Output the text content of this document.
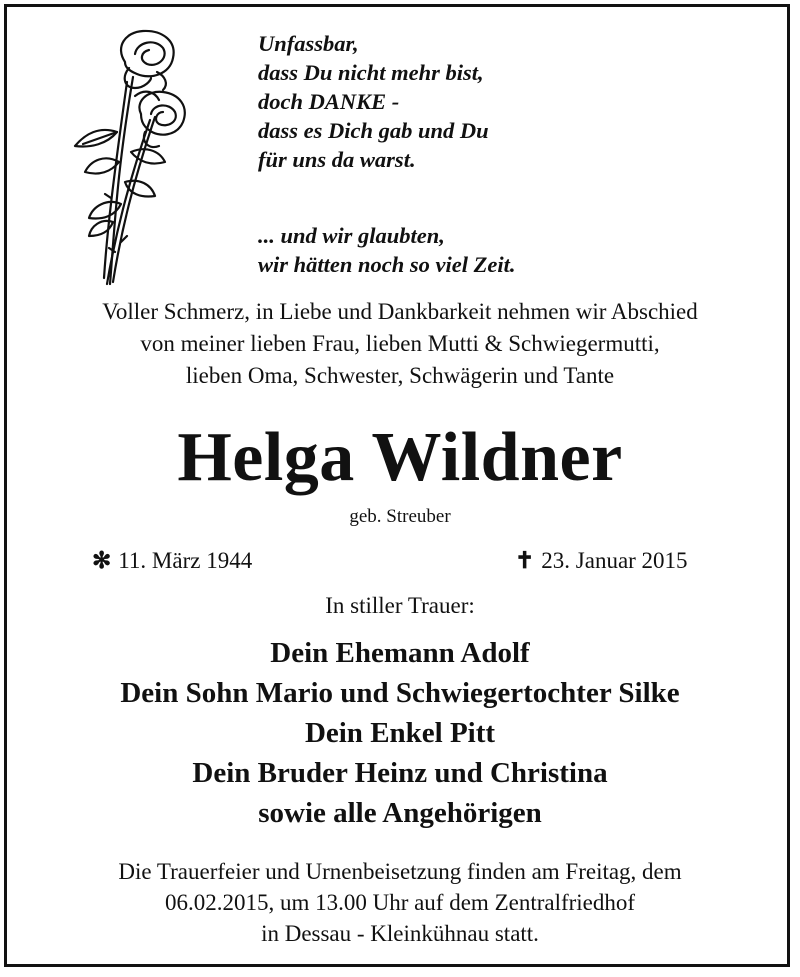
Unfassbar,
dass Du nicht mehr bist,
doch DANKE -
dass es Dich gab und Du
für uns da warst.
... und wir glaubten,
wir hätten noch so viel Zeit.
Voller Schmerz, in Liebe und Dankbarkeit nehmen wir Abschied
von meiner lieben Frau, lieben Mutti & Schwiegermutti,
lieben Oma, Schwester, Schwägerin und Tante
Helga Wildner
geb. Streuber
✻ 11. März 1944	✝ 23. Januar 2015
In stiller Trauer:
Dein Ehemann Adolf
Dein Sohn Mario und Schwiegertochter Silke
Dein Enkel Pitt
Dein Bruder Heinz und Christina
sowie alle Angehörigen
Die Trauerfeier und Urnenbeisetzung finden am Freitag, dem
06.02.2015, um 13.00 Uhr auf dem Zentralfriedhof
in Dessau - Kleinkühnau statt.
